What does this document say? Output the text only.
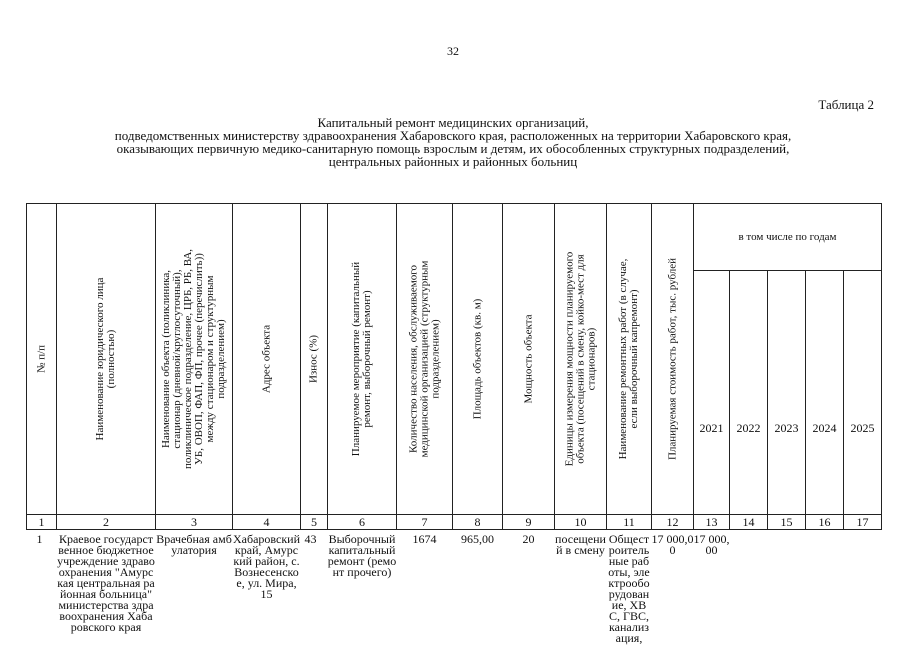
32
Таблица 2
Капитальный ремонт медицинских организаций,
подведомственных министерству здравоохранения Хабаровского края, расположенных на территории Хабаровского края,
оказывающих первичную медико-санитарную помощь взрослым и детям, их обособленных структурных подразделений,
центральных районных и районных больниц
№ п/п	Наименование юридического лица (полностью)	Наименование объекта (поликлиника, стационар (дневной/круглосуточный), поликлиническое подразделение, ЦРБ, РБ, ВА, УБ, ОВОП, ФАП, ФП, прочее (перечислить)) между стационаром и структурным подразделением)	Адрес объекта	Износ (%)	Планируемое мероприятие (капитальный ремонт, выборочный ремонт)	Количество населения, обслуживаемого медицинской организацией (структурным подразделением)	Площадь объектов (кв. м)	Мощность объекта	Единицы измерения мощности планируемого объекта (посещений в смену, койко-мест для стационаров)	Наименование ремонтных работ (в случае, если выборочный капремонт)	Планируемая стоимость работ, тыс. рублей	в том числе по годам				
												2021	2022	2023	2024	2025
1	2	3	4	5	6	7	8	9	10	11	12	13	14	15	16	17
1	Краевое государственное бюджетное учреждение здравоохранения "Амурская центральная районная больница" министерства здравоохранения Хабаровского края	Врачебная амбулатория	Хабаровский край, Амурский район, с. Вознесенское, ул. Мира, 15	43	Выборочный капитальный ремонт (ремонт прочего)	1674	965,00	20	посещений в смену	Общестроительные работы, электрооборудование, ХВС, ГВС, канализация,	17 000,00	17 000,00				
